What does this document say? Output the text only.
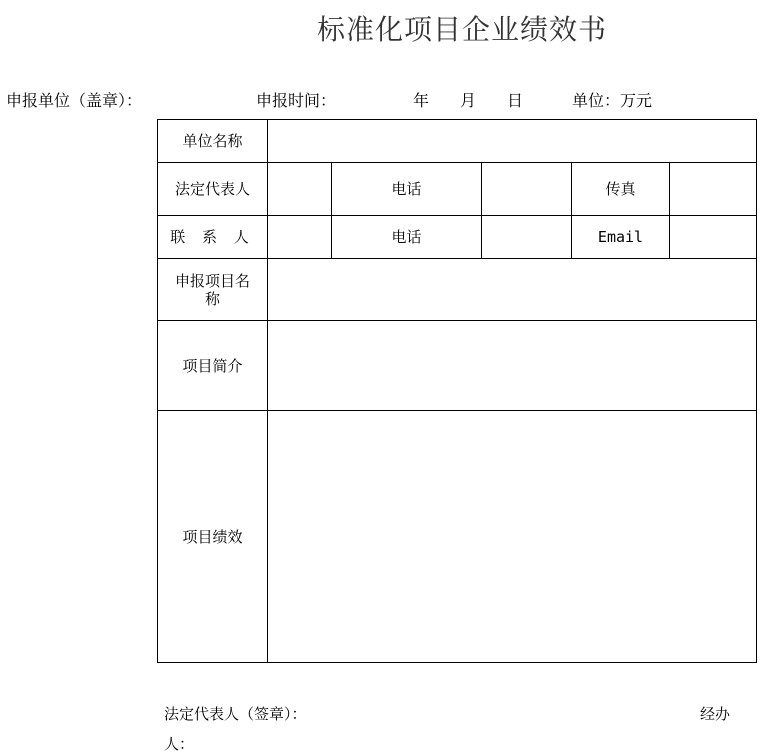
标准化项目企业绩效书
申报单位（盖章）：	申报时间：	年 月 日	单位：万元
单位名称					
法定代表人		电话		传真	
联 系 人		电话		Email	
申报项目名称					
项目简介					
项目绩效					
法定代表人（签章）：	经办
人：
